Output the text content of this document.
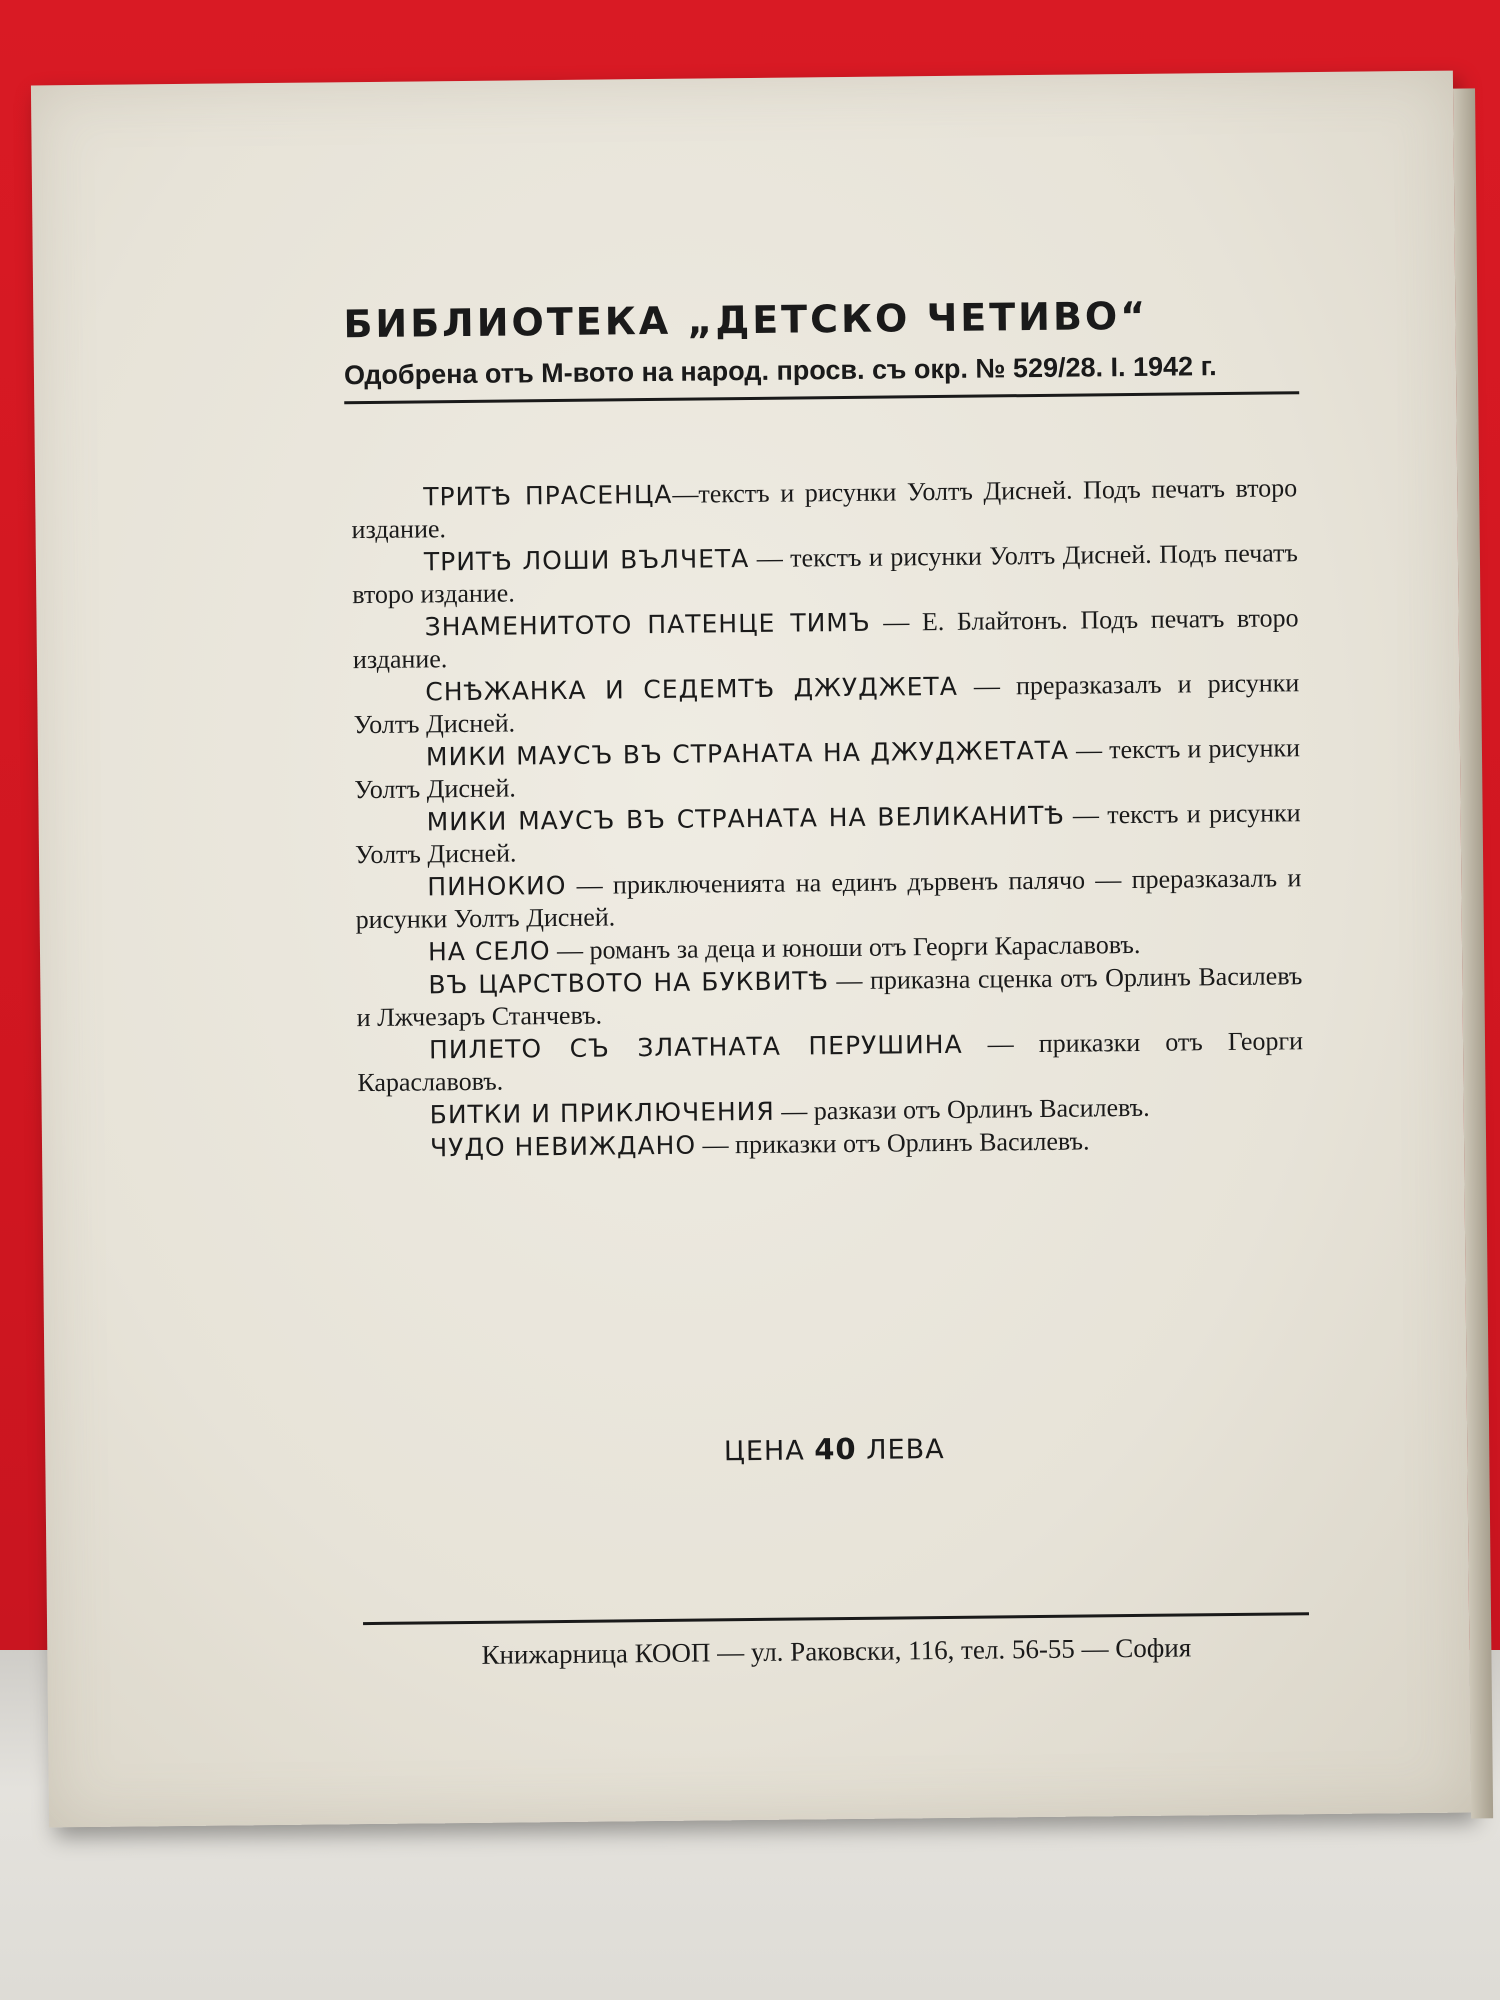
БИБЛИОТЕКА „ДЕТСКО ЧЕТИВО“
Одобрена отъ М-вото на народ. просв. съ окр. № 529/28. I. 1942 г.

ТРИТѢ ПРАСЕНЦА—текстъ и рисунки Уолтъ Дисней. Подъ печатъ второ издание.

ТРИТѢ ЛОШИ ВЪЛЧЕТА — текстъ и рисунки Уолтъ Дисней. Подъ печатъ второ издание.

ЗНАМЕНИТОТО ПАТЕНЦЕ ТИМЪ — Е. Блайтонъ. Подъ печатъ второ издание.

СНѢЖАНКА И СЕДЕМТѢ ДЖУДЖЕТА — преразказалъ и рисунки Уолтъ Дисней.

МИКИ МАУСЪ ВЪ СТРАНАТА НА ДЖУДЖЕТАТА — текстъ и рисунки Уолтъ Дисней.

МИКИ МАУСЪ ВЪ СТРАНАТА НА ВЕЛИКАНИТѢ — текстъ и рисунки Уолтъ Дисней.

ПИНОКИО — приключенията на единъ дървенъ палячо — преразказалъ и рисунки Уолтъ Дисней.

НА СЕЛО — романъ за деца и юноши отъ Георги Караславовъ.

ВЪ ЦАРСТВОТО НА БУКВИТѢ — приказна сценка отъ Орлинъ Василевъ и Лжчезаръ Станчевъ.

ПИЛЕТО СЪ ЗЛАТНАТА ПЕРУШИНА — приказки отъ Георги Караславовъ.

БИТКИ И ПРИКЛЮЧЕНИЯ — разкази отъ Орлинъ Василевъ.

ЧУДО НЕВИЖДАНО — приказки отъ Орлинъ Василевъ.

ЦЕНА 40 ЛЕВА
Книжарница КООП — ул. Раковски, 116, тел. 56-55 — София
